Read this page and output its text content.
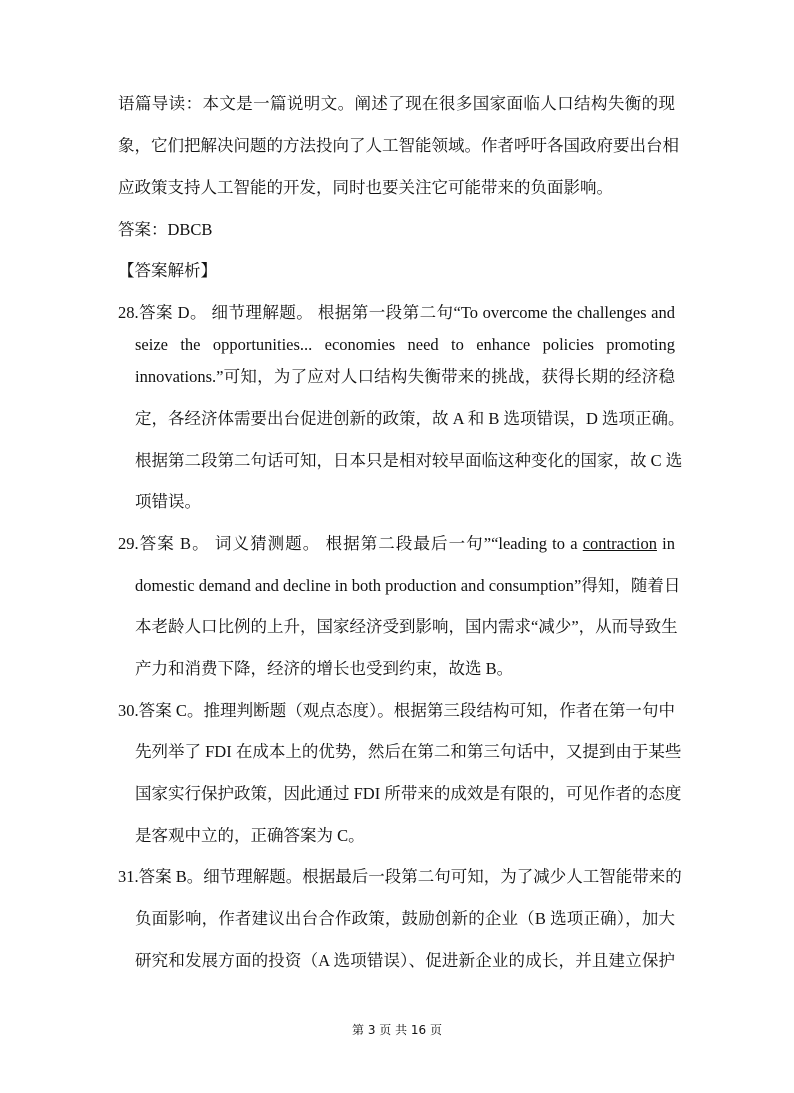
语篇导读：本文是一篇说明文。阐述了现在很多国家面临人口结构失衡的现
象，它们把解决问题的方法投向了人工智能领域。作者呼吁各国政府要出台相
应政策支持人工智能的开发，同时也要关注它可能带来的负面影响。
答案：DBCB
【答案解析】
28.答案 D。 细节理解题。 根据第一段第二句“To overcome the challenges and
seize the opportunities... economies need to enhance policies promoting
innovations.”可知，为了应对人口结构失衡带来的挑战，获得长期的经济稳
定，各经济体需要出台促进创新的政策，故 A 和 B 选项错误，D 选项正确。
根据第二段第二句话可知，日本只是相对较早面临这种变化的国家，故 C 选
项错误。
29.答案 B。 词义猜测题。 根据第二段最后一句”“leading to a contraction in
domestic demand and decline in both production and consumption”得知，随着日
本老龄人口比例的上升，国家经济受到影响，国内需求“减少”，从而导致生
产力和消费下降，经济的增长也受到约束，故选 B。
30.答案 C。推理判断题（观点态度）。根据第三段结构可知，作者在第一句中
先列举了 FDI 在成本上的优势，然后在第二和第三句话中，又提到由于某些
国家实行保护政策，因此通过 FDI 所带来的成效是有限的，可见作者的态度
是客观中立的，正确答案为 C。
31.答案 B。细节理解题。根据最后一段第二句可知，为了减少人工智能带来的
负面影响，作者建议出台合作政策，鼓励创新的企业（B 选项正确），加大
研究和发展方面的投资（A 选项错误）、促进新企业的成长，并且建立保护
第 3 页 共 16 页
